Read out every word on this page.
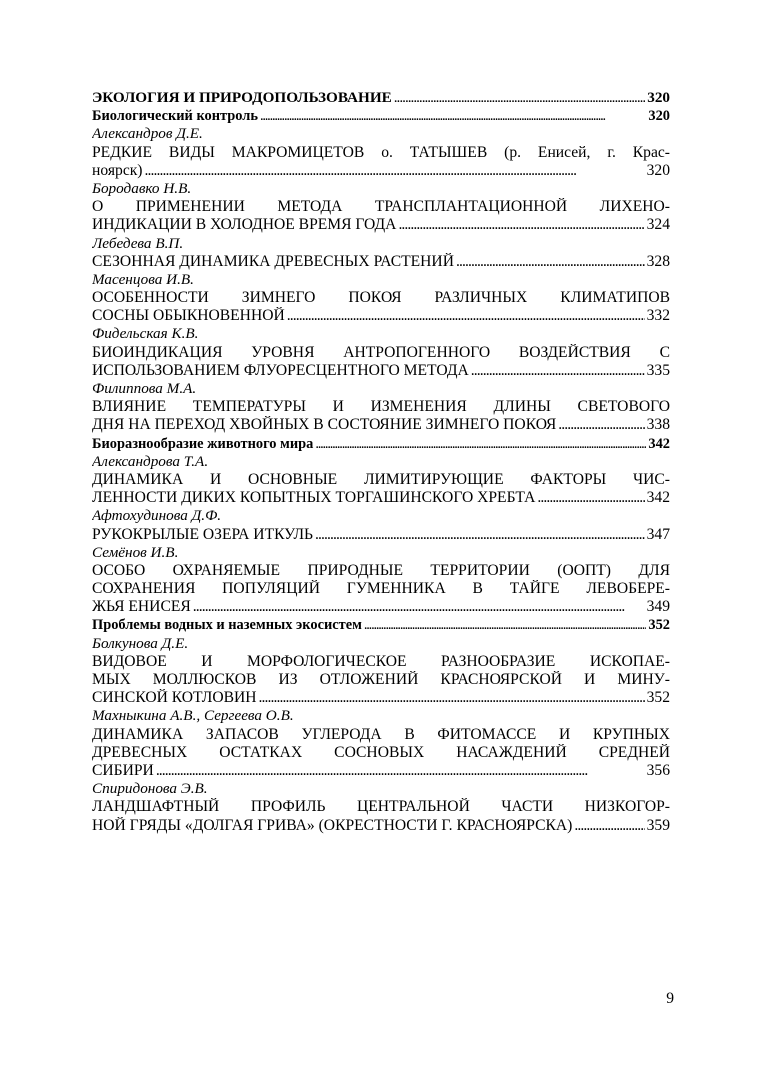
ЭКОЛОГИЯ И ПРИРОДОПОЛЬЗОВАНИЕ . . .	320
Биологический контроль . . .	320
Александров Д.Е.
РЕДКИЕ ВИДЫ МАКРОМИЦЕТОВ о. ТАТЫШЕВ (р. Енисей, г. Крас-
ноярск) . . .	320
Бородавко Н.В.
О ПРИМЕНЕНИИ МЕТОДА ТРАНСПЛАНТАЦИОННОЙ ЛИХЕНО-
ИНДИКАЦИИ В ХОЛОДНОЕ ВРЕМЯ ГОДА . . .	324
Лебедева В.П.
СЕЗОННАЯ ДИНАМИКА ДРЕВЕСНЫХ РАСТЕНИЙ . . .	328
Масенцова И.В.
ОСОБЕННОСТИ ЗИМНЕГО ПОКОЯ РАЗЛИЧНЫХ КЛИМАТИПОВ
СОСНЫ ОБЫКНОВЕННОЙ . . .	332
Фидельская К.В.
БИОИНДИКАЦИЯ УРОВНЯ АНТРОПОГЕННОГО ВОЗДЕЙСТВИЯ С
ИСПОЛЬЗОВАНИЕМ ФЛУОРЕСЦЕНТНОГО МЕТОДА . . .	335
Филиппова М.А.
ВЛИЯНИЕ ТЕМПЕРАТУРЫ И ИЗМЕНЕНИЯ ДЛИНЫ СВЕТОВОГО
ДНЯ НА ПЕРЕХОД ХВОЙНЫХ В СОСТОЯНИЕ ЗИМНЕГО ПОКОЯ . . .	338
Биоразнообразие животного мира . . .	342
Александрова Т.А.
ДИНАМИКА И ОСНОВНЫЕ ЛИМИТИРУЮЩИЕ ФАКТОРЫ ЧИС-
ЛЕННОСТИ ДИКИХ КОПЫТНЫХ ТОРГАШИНСКОГО ХРЕБТА . . .	342
Афтохудинова Д.Ф.
РУКОКРЫЛЫЕ ОЗЕРА ИТКУЛЬ . . .	347
Семёнов И.В.
ОСОБО ОХРАНЯЕМЫЕ ПРИРОДНЫЕ ТЕРРИТОРИИ (ООПТ) ДЛЯ
СОХРАНЕНИЯ ПОПУЛЯЦИЙ ГУМЕННИКА В ТАЙГЕ ЛЕВОБЕРЕ-
ЖЬЯ ЕНИСЕЯ . . .	349
Проблемы водных и наземных экосистем . . .	352
Болкунова Д.Е.
ВИДОВОЕ И МОРФОЛОГИЧЕСКОЕ РАЗНООБРАЗИЕ ИСКОПАЕ-
МЫХ МОЛЛЮСКОВ ИЗ ОТЛОЖЕНИЙ КРАСНОЯРСКОЙ И МИНУ-
СИНСКОЙ КОТЛОВИН . . .	352
Махныкина А.В., Сергеева О.В.
ДИНАМИКА ЗАПАСОВ УГЛЕРОДА В ФИТОМАССЕ И КРУПНЫХ
ДРЕВЕСНЫХ ОСТАТКАХ СОСНОВЫХ НАСАЖДЕНИЙ СРЕДНЕЙ
СИБИРИ . . .	356
Спиридонова Э.В.
ЛАНДШАФТНЫЙ ПРОФИЛЬ ЦЕНТРАЛЬНОЙ ЧАСТИ НИЗКОГОР-
НОЙ ГРЯДЫ «ДОЛГАЯ ГРИВА» (ОКРЕСТНОСТИ Г. КРАСНОЯРСКА) . . .	359
9
